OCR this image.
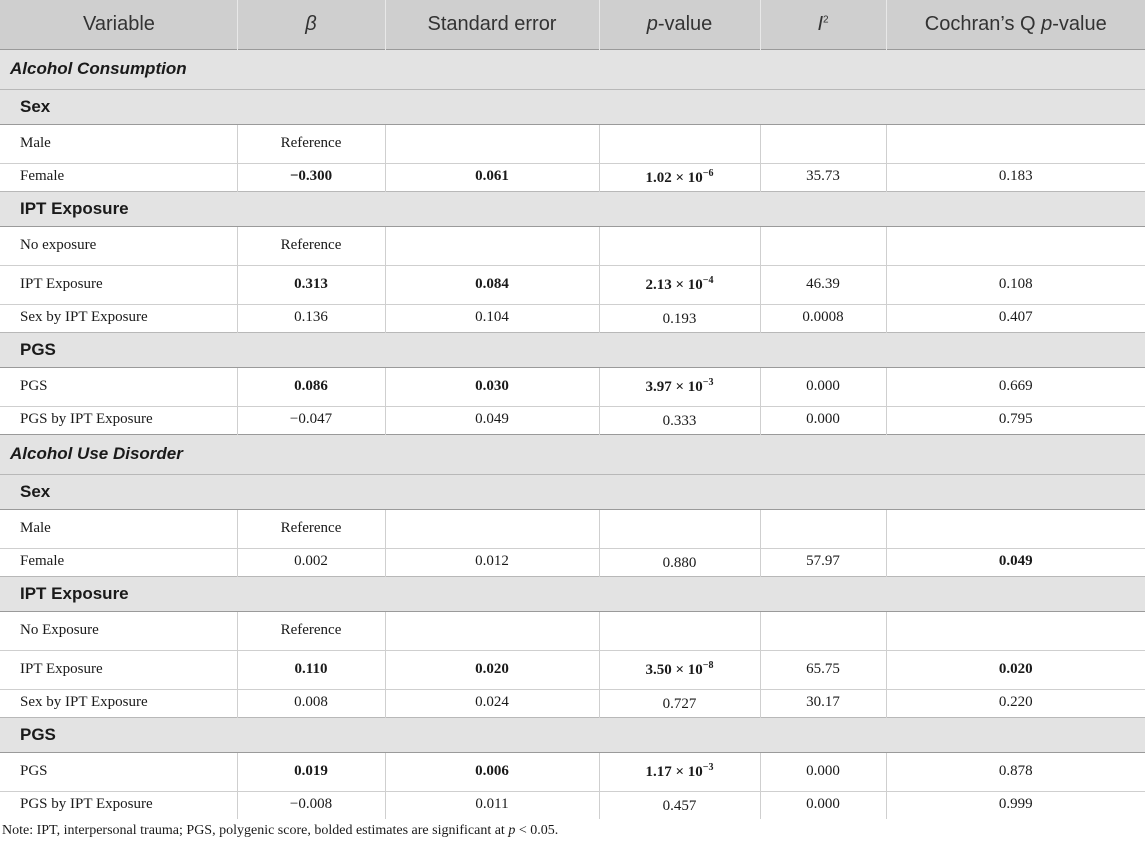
Variable	β	Standard error	p-value	$I^2$	Cochran’s Q p-value
Alcohol Consumption					
Sex					
Male	Reference				
Female	−0.300	0.061	$1.02 \times 10^{-6}$	35.73	0.183
IPT Exposure					
No exposure	Reference				
IPT Exposure	0.313	0.084	$2.13 \times 10^{-4}$	46.39	0.108
Sex by IPT Exposure	0.136	0.104	0.193	0.0008	0.407
PGS					
PGS	0.086	0.030	$3.97 \times 10^{-3}$	0.000	0.669
PGS by IPT Exposure	−0.047	0.049	0.333	0.000	0.795
Alcohol Use Disorder					
Sex					
Male	Reference				
Female	0.002	0.012	0.880	57.97	0.049
IPT Exposure					
No Exposure	Reference				
IPT Exposure	0.110	0.020	$3.50 \times 10^{-8}$	65.75	0.020
Sex by IPT Exposure	0.008	0.024	0.727	30.17	0.220
PGS					
PGS	0.019	0.006	$1.17 \times 10^{-3}$	0.000	0.878
PGS by IPT Exposure	−0.008	0.011	0.457	0.000	0.999
Note: IPT, interpersonal trauma; PGS, polygenic score, bolded estimates are significant at p < 0.05.
